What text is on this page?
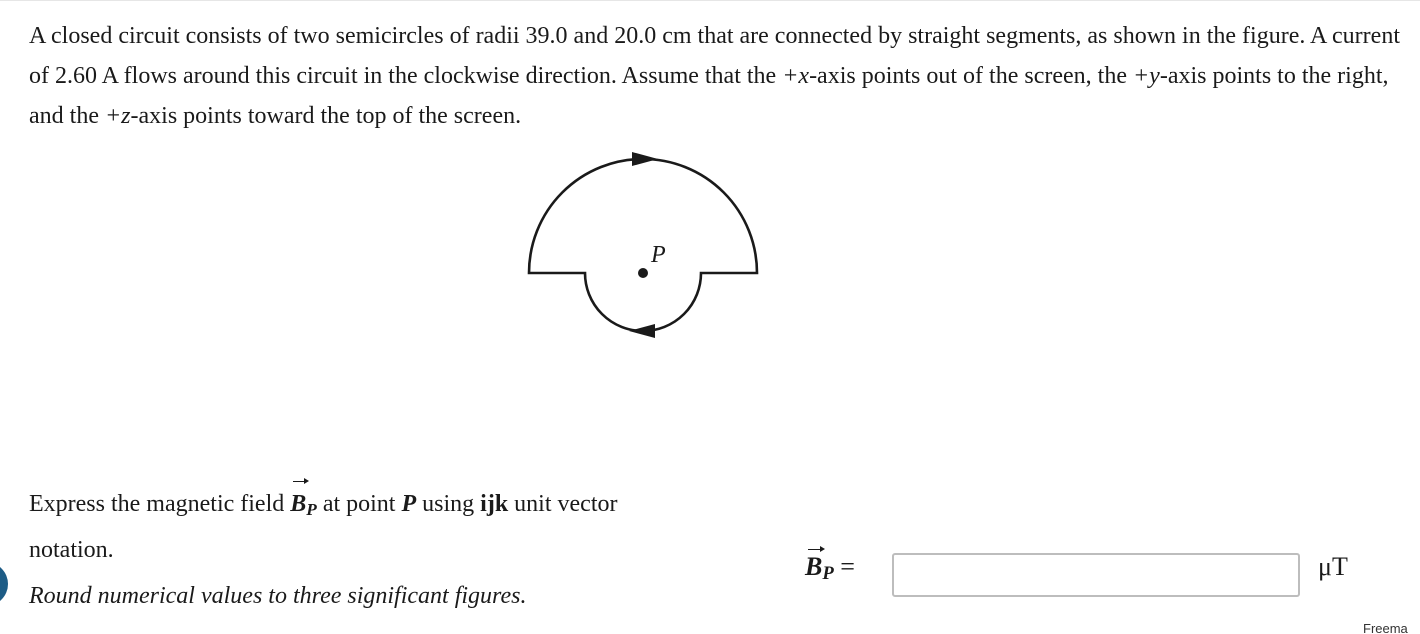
A closed circuit consists of two semicircles of radii 39.0 and 20.0 cm that are connected by straight segments, as shown in the figure. A current of 2.60 A flows around this circuit in the clockwise direction. Assume that the +x-axis points out of the screen, the +y-axis points to the right, and the +z-axis points toward the top of the screen.

P

Express the magnetic field $B_P$ at point P using ijk unit vector notation.

Round numerical values to three significant figures.

$B_P$ =	μT
Freema
